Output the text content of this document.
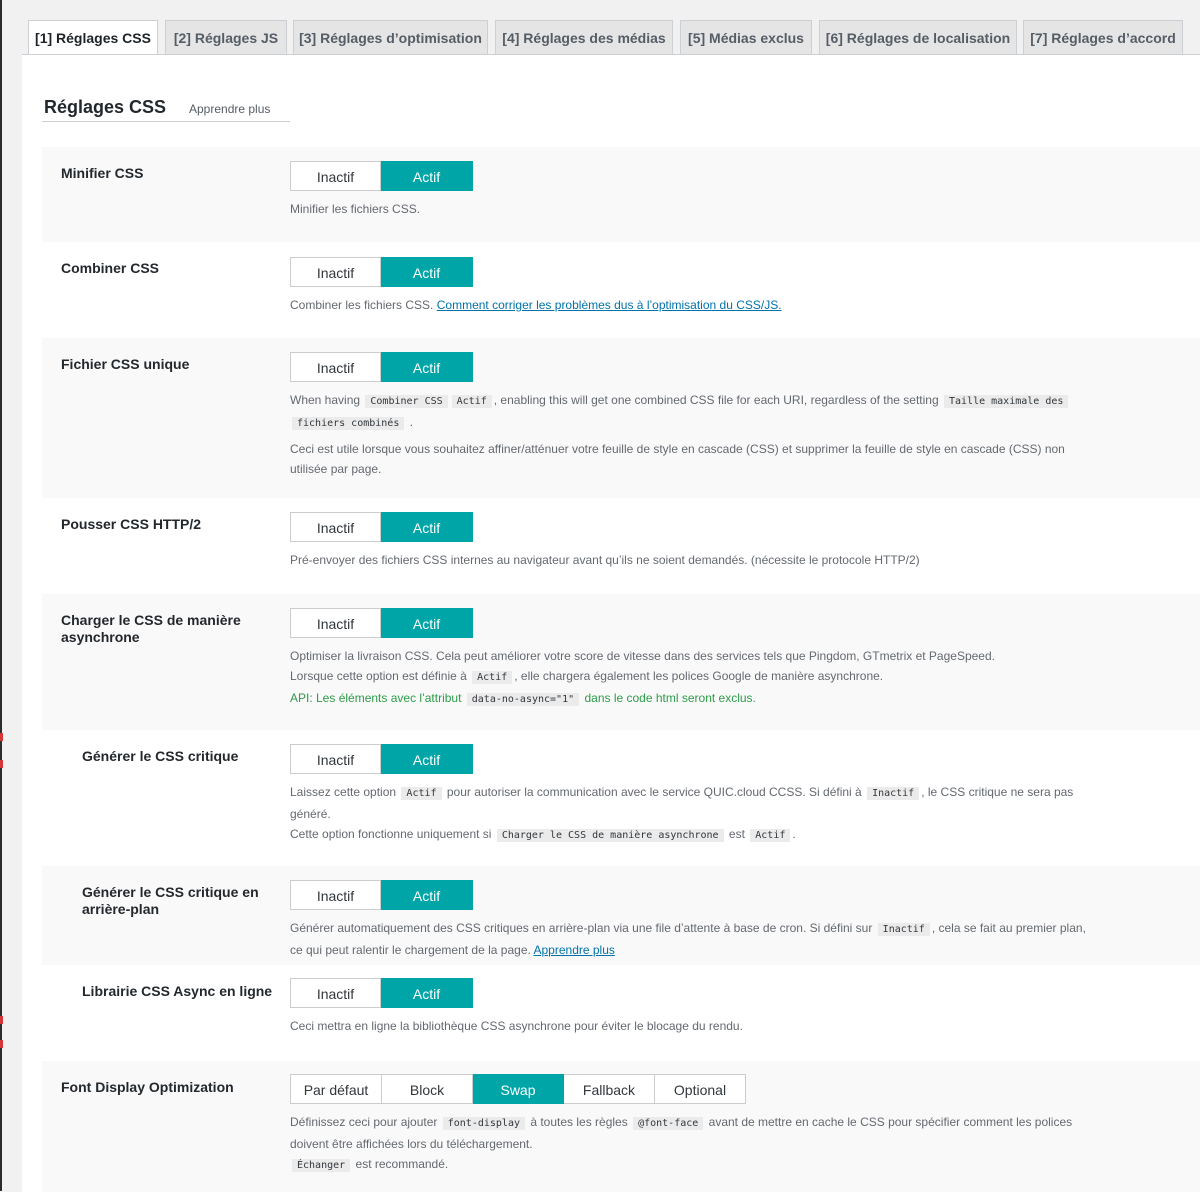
[1] Réglages CSS	[2] Réglages JS	[3] Réglages d’optimisation	[4] Réglages des médias	[5] Médias exclus	[6] Réglages de localisation	[7] Réglages d’accord
Réglages CSS Apprendre plus
Minifier CSS	Inactif	Actif

Minifier les fichiers CSS.

Combiner CSS	Inactif	Actif

Combiner les fichiers CSS. Comment corriger les problèmes dus à l’optimisation du CSS/JS.

Fichier CSS unique	Inactif	Actif

When having Combiner CSS Actif , enabling this will get one combined CSS file for each URI, regardless of the setting Taille maximale des

fichiers combinés .

Ceci est utile lorsque vous souhaitez affiner/atténuer votre feuille de style en cascade (CSS) et supprimer la feuille de style en cascade (CSS) non

utilisée par page.

Pousser CSS HTTP/2	Inactif	Actif

Pré-envoyer des fichiers CSS internes au navigateur avant qu’ils ne soient demandés. (nécessite le protocole HTTP/2)

Charger le CSS de manière asynchrone
Inactif	Actif

Optimiser la livraison CSS. Cela peut améliorer votre score de vitesse dans des services tels que Pingdom, GTmetrix et PageSpeed.

Lorsque cette option est définie à Actif , elle chargera également les polices Google de manière asynchrone.

API: Les éléments avec l’attribut data-no-async="1" dans le code html seront exclus.

Générer le CSS critique	Inactif	Actif

Laissez cette option Actif pour autoriser la communication avec le service QUIC.cloud CCSS. Si défini à Inactif , le CSS critique ne sera pas

généré.

Cette option fonctionne uniquement si Charger le CSS de manière asynchrone est Actif .

Générer le CSS critique en arrière-plan
Inactif	Actif

Générer automatiquement des CSS critiques en arrière-plan via une file d’attente à base de cron. Si défini sur Inactif , cela se fait au premier plan,

ce qui peut ralentir le chargement de la page. Apprendre plus

Librairie CSS Async en ligne	Inactif	Actif

Ceci mettra en ligne la bibliothèque CSS asynchrone pour éviter le blocage du rendu.

Font Display Optimization	Par défaut	Block	Swap	Fallback	Optional

Définissez ceci pour ajouter font-display à toutes les règles @font-face avant de mettre en cache le CSS pour spécifier comment les polices

doivent être affichées lors du téléchargement.

Échanger est recommandé.
